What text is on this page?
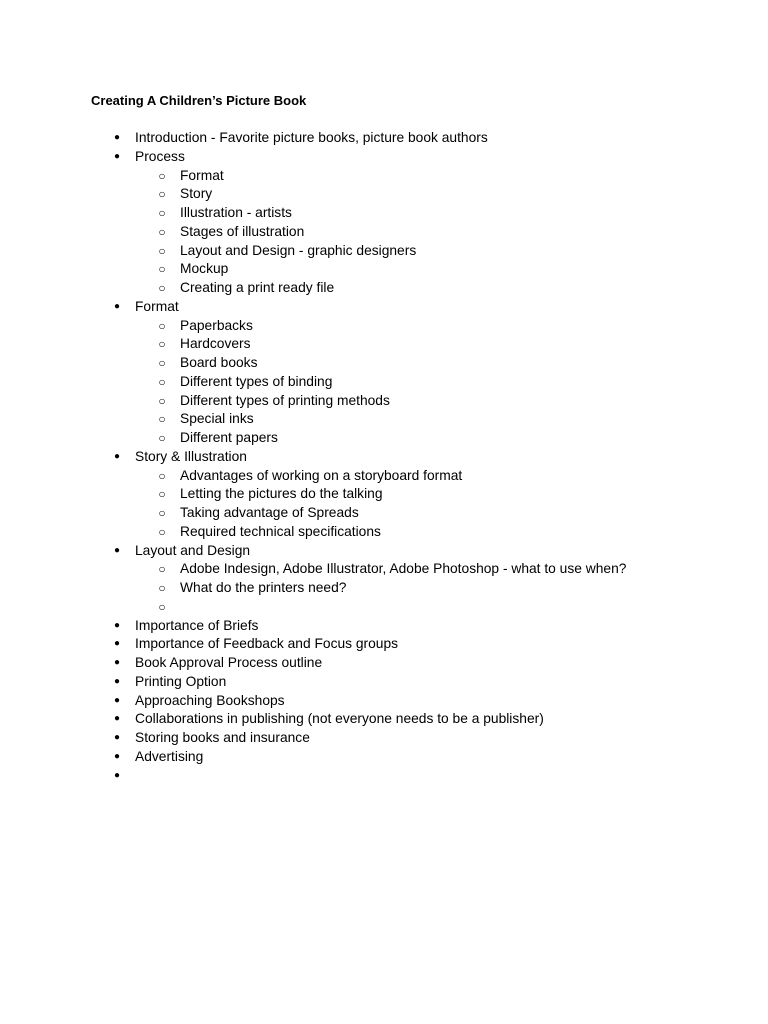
Creating A Children’s Picture Book
●	Introduction - Favorite picture books, picture book authors
●	Process
○	Format
○	Story
○	Illustration - artists
○	Stages of illustration
○	Layout and Design - graphic designers
○	Mockup
○	Creating a print ready file
●	Format
○	Paperbacks
○	Hardcovers
○	Board books
○	Different types of binding
○	Different types of printing methods
○	Special inks
○	Different papers
●	Story & Illustration
○	Advantages of working on a storyboard format
○	Letting the pictures do the talking
○	Taking advantage of Spreads
○	Required technical specifications
●	Layout and Design
○	Adobe Indesign, Adobe Illustrator, Adobe Photoshop - what to use when?
○	What do the printers need?
○
●	Importance of Briefs
●	Importance of Feedback and Focus groups
●	Book Approval Process outline
●	Printing Option
●	Approaching Bookshops
●	Collaborations in publishing (not everyone needs to be a publisher)
●	Storing books and insurance
●	Advertising
●
